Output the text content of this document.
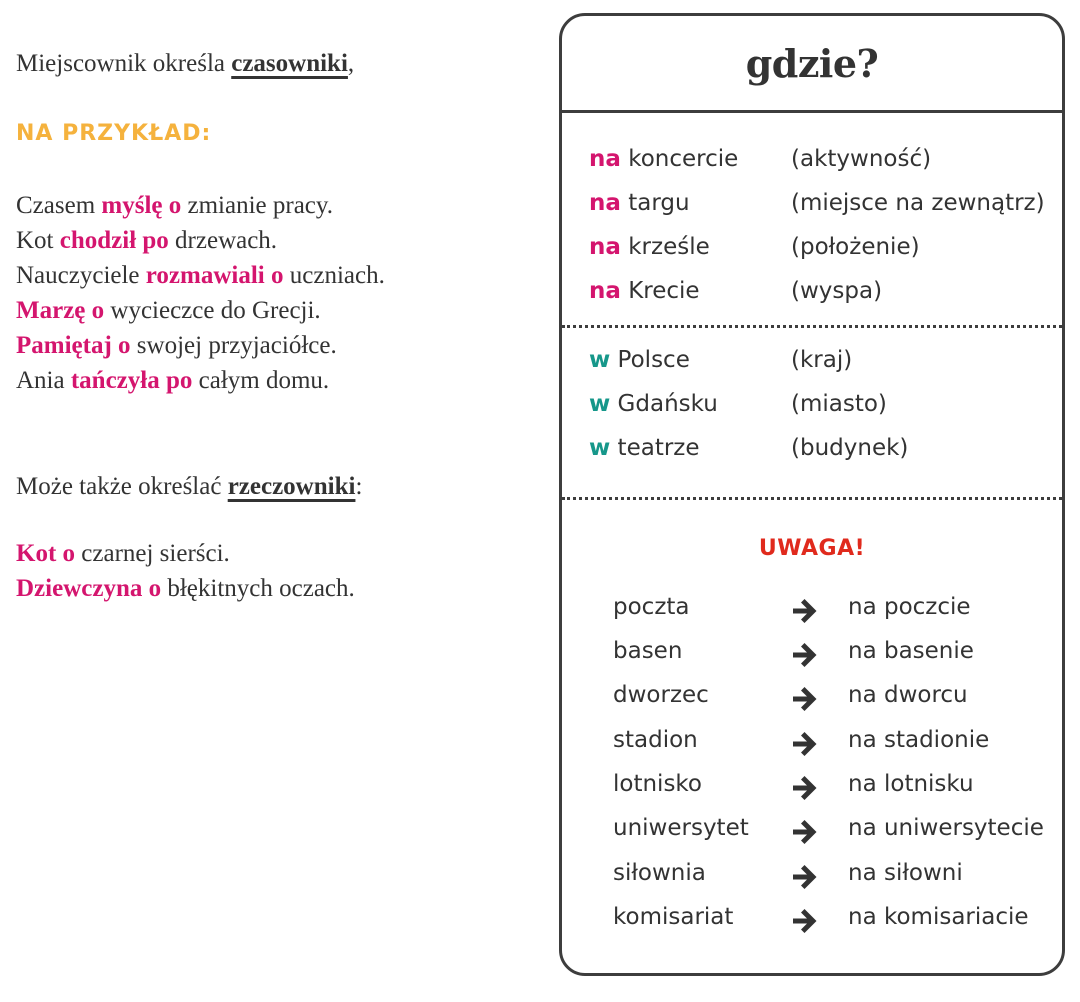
Miejscownik określa czasowniki,
NA PRZYKŁAD:
Czasem myślę o zmianie pracy.
Kot chodził po drzewach.
Nauczyciele rozmawiali o uczniach.
Marzę o wycieczce do Grecji.
Pamiętaj o swojej przyjaciółce.
Ania tańczyła po całym domu.
Może także określać rzeczowniki:
Kot o czarnej sierści.
Dziewczyna o błękitnych oczach.
gdzie?
na koncercie (aktywność)
na targu	(miejsce na zewnątrz)
na krześle	(położenie)
na Krecie	(wyspa)
w Polsce	(kraj)
w Gdańsku	(miasto)
w teatrze	(budynek)
UWAGA!
poczta	na poczcie
basen	na basenie
dworzec	na dworcu
stadion	na stadionie
lotnisko	na lotnisku
uniwersytet	na uniwersytecie
siłownia	na siłowni
komisariat	na komisariacie
